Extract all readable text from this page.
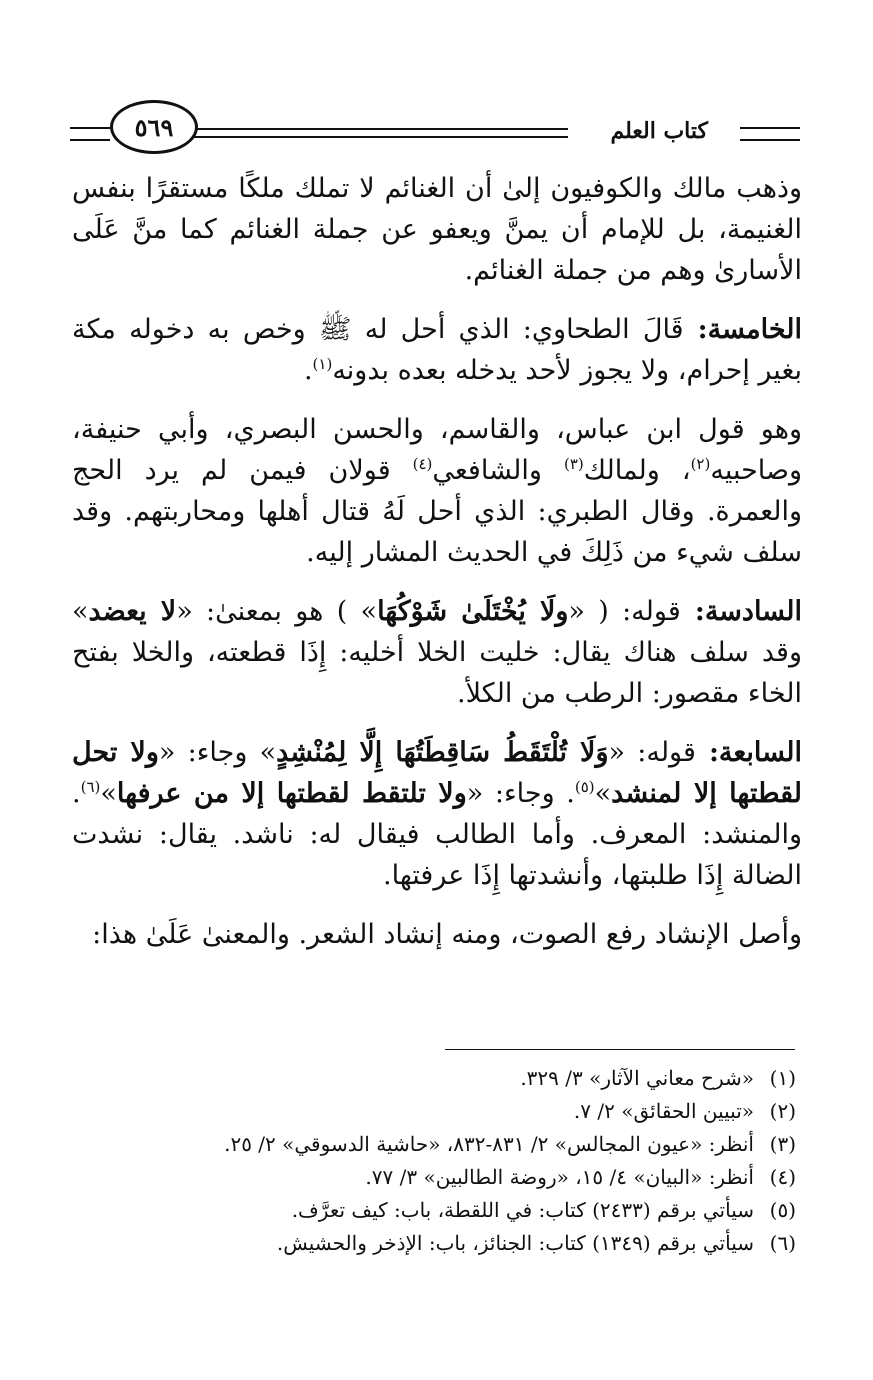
كتاب العلم
٥٦٩

وذهب مالك والكوفيون إلىٰ أن الغنائم لا تملك ملكًا مستقرًا بنفس الغنيمة، بل للإمام أن يمنَّ ويعفو عن جملة الغنائم كما منَّ عَلَى الأسارىٰ وهم من جملة الغنائم.

الخامسة: قَالَ الطحاوي: الذي أحل له ﷺ وخص به دخوله مكة بغير إحرام، ولا يجوز لأحد يدخله بعده بدونه$^{(١)}$.

وهو قول ابن عباس، والقاسم، والحسن البصري، وأبي حنيفة، وصاحبيه$^{(٢)}$، ولمالك$^{(٣)}$ والشافعي$^{(٤)}$ قولان فيمن لم يرد الحج والعمرة. وقال الطبري: الذي أحل لَهُ قتال أهلها ومحاربتهم. وقد سلف شيء من ذَلِكَ في الحديث المشار إليه.

السادسة: قوله: ( «ولَا يُخْتَلَىٰ شَوْكُهَا» ) هو بمعنىٰ: «لا يعضد» وقد سلف هناك يقال: خليت الخلا أخليه: إِذَا قطعته، والخلا بفتح الخاء مقصور: الرطب من الكلأ.

السابعة: قوله: «وَلَا تُلْتَقَطُ سَاقِطَتُهَا إِلَّا لِمُنْشِدٍ» وجاء: «ولا تحل لقطتها إلا لمنشد»$^{(٥)}$. وجاء: «ولا تلتقط لقطتها إلا من عرفها»$^{(٦)}$. والمنشد: المعرف. وأما الطالب فيقال له: ناشد. يقال: نشدت الضالة إِذَا طلبتها، وأنشدتها إِذَا عرفتها.

وأصل الإنشاد رفع الصوت، ومنه إنشاد الشعر. والمعنىٰ عَلَىٰ هذا:

(١)«شرح معاني الآثار» ٣/ ٣٢٩.
(٢)«تبيين الحقائق» ٢/ ٧.
(٣)أنظر: «عيون المجالس» ٢/ ٨٣١-٨٣٢، «حاشية الدسوقي» ٢/ ٢٥.
(٤)أنظر: «البيان» ٤/ ١٥، «روضة الطالبين» ٣/ ٧٧.
(٥)سيأتي برقم (٢٤٣٣) كتاب: في اللقطة، باب: كيف تعرَّف.
(٦)سيأتي برقم (١٣٤٩) كتاب: الجنائز، باب: الإذخر والحشيش.
